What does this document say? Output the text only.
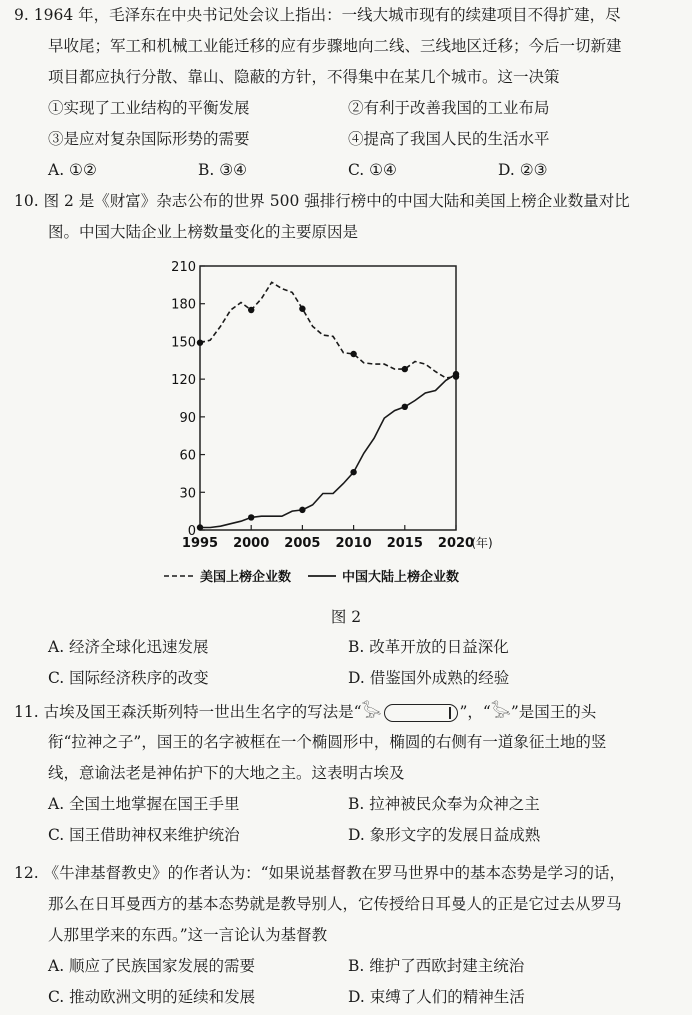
9. 1964 年，毛泽东在中央书记处会议上指出：一线大城市现有的续建项目不得扩建，尽
早收尾；军工和机械工业能迁移的应有步骤地向二线、三线地区迁移；今后一切新建
项目都应执行分散、靠山、隐蔽的方针，不得集中在某几个城市。这一决策
①实现了工业结构的平衡发展	②有利于改善我国的工业布局
③是应对复杂国际形势的需要	④提高了我国人民的生活水平
A. ①②	B. ③④	C. ①④	D. ②③
10. 图 2 是《财富》杂志公布的世界 500 强排行榜中的中国大陆和美国上榜企业数量对比
图。中国大陆企业上榜数量变化的主要原因是
0
30
60
90
120
150
180
210
1995 2000 2005 2010 2015 2020
(年)
美国上榜企业数	中国大陆上榜企业数
图 2
A. 经济全球化迅速发展	B. 改革开放的日益深化
C. 国际经济秩序的改变	D. 借鉴国外成熟的经验
11. 古埃及国王森沃斯列特一世出生名字的写法是“𓅭	”，“𓅭”是国王的头
衔“拉神之子”，国王的名字被框在一个椭圆形中，椭圆的右侧有一道象征土地的竖
线，意谕法老是神佑护下的大地之主。这表明古埃及
A. 全国土地掌握在国王手里	B. 拉神被民众奉为众神之主
C. 国王借助神权来维护统治	D. 象形文字的发展日益成熟
12. 《牛津基督教史》的作者认为：“如果说基督教在罗马世界中的基本态势是学习的话，
那么在日耳曼西方的基本态势就是教导别人，它传授给日耳曼人的正是它过去从罗马
人那里学来的东西。”这一言论认为基督教
A. 顺应了民族国家发展的需要	B. 维护了西欧封建主统治
C. 推动欧洲文明的延续和发展	D. 束缚了人们的精神生活
